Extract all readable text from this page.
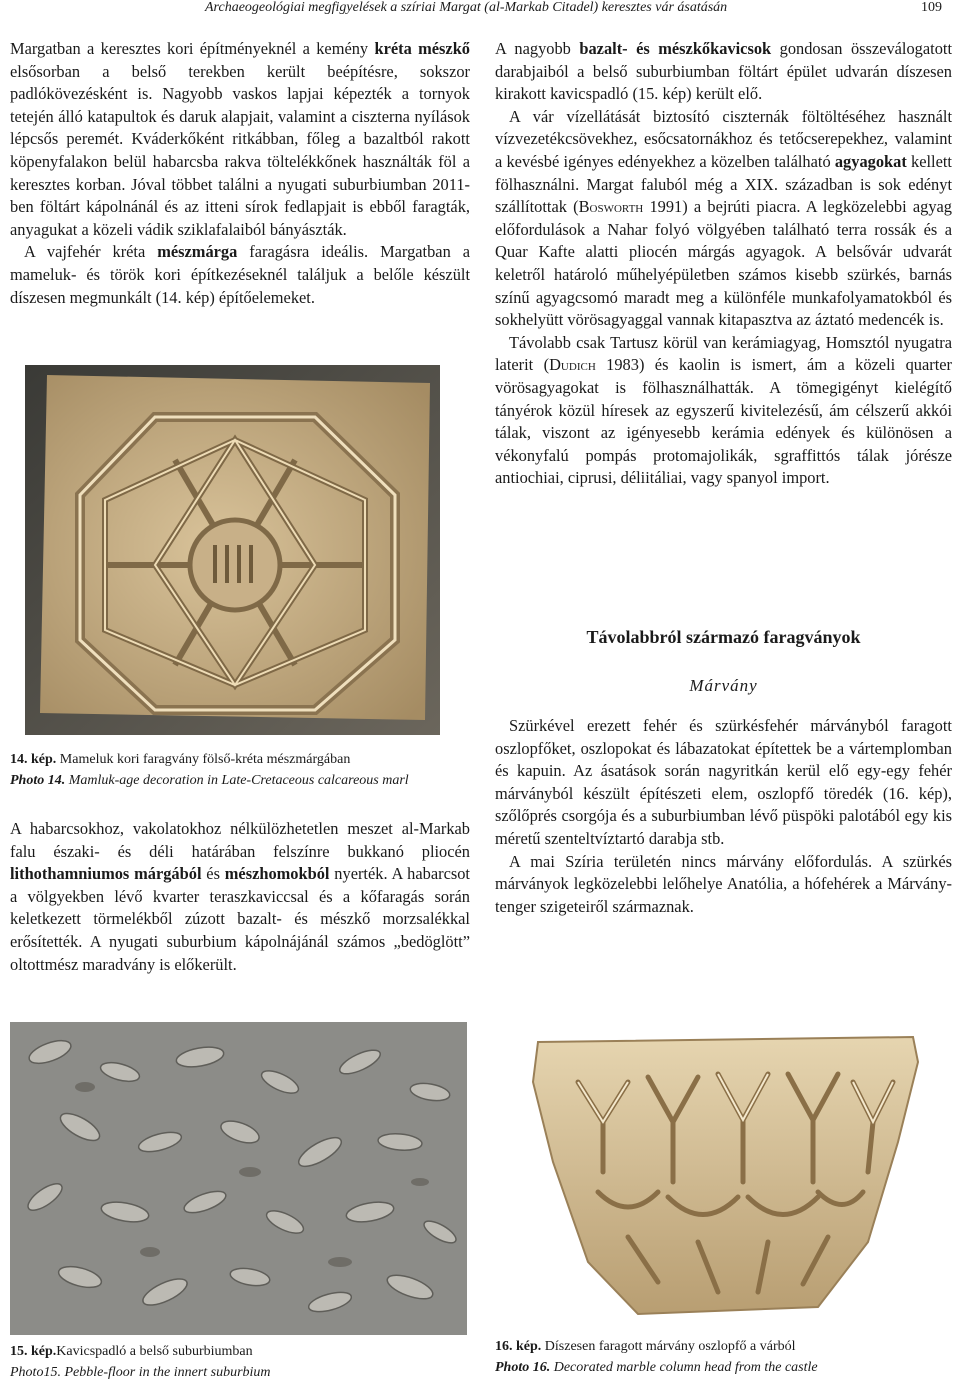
Archaeogeológiai megfigyelések a szíriai Margat (al-Markab Citadel) keresztes vár ásatásán	109

Margatban a keresztes kori építményeknél a kemény kréta mészkő elsősorban a belső terekben került beépítésre, sokszor padlókövezésként is. Nagyobb vaskos lapjai képezték a tornyok tetején álló katapultok és daruk alapjait, valamint a ciszterna nyílások lépcsős peremét. Kváderkőként ritkábban, főleg a bazaltból rakott köpenyfalakon belül habarcsba rakva töltelékkőnek használták föl a keresztes korban. Jóval többet találni a nyugati suburbiumban 2011-ben föltárt kápolnánál és az itteni sírok fedlapjait is ebből faragták, anyagukat a közeli vádik sziklafalaiból bányászták.

A vajfehér kréta mészmárga faragásra ideális. Margatban a mameluk- és török kori építkezéseknél találjuk a belőle készült díszesen megmunkált (14. kép) építőelemeket.

14. kép. Mameluk kori faragvány fölső-kréta mészmárgában
Photo 14. Mamluk-age decoration in Late-Cretaceous calcareous marl

A habarcsokhoz, vakolatokhoz nélkülözhetetlen meszet al-Markab falu északi- és déli határában felszínre bukkanó pliocén lithothamniumos márgából és mészhomokból nyerték. A habarcsot a völgyekben lévő kvarter teraszkaviccsal és a kőfaragás során keletkezett törmelékből zúzott bazalt- és mészkő morzsalékkal erősítették. A nyugati suburbium kápolnájánál számos „bedöglött” oltottmész maradvány is előkerült.

15. kép.Kavicspadló a belső suburbiumban
Photo15. Pebble-floor in the innert suburbium

A nagyobb bazalt- és mészkőkavicsok gondosan összeválogatott darabjaiból a belső suburbiumban föltárt épület udvarán díszesen kirakott kavicspadló (15. kép) került elő.

A vár vízellátását biztosító ciszternák föltöltéséhez használt vízvezetékcsövekhez, esőcsatornákhoz és tetőcserepekhez, valamint a kevésbé igényes edényekhez a közelben található agyagokat kellett fölhasználni. Margat faluból még a XIX. században is sok edényt szállítottak (Bosworth 1991) a bejrúti piacra. A legközelebbi agyag előfordulások a Nahar folyó völgyében található terra rossák és a Quar Kafte alatti pliocén márgás agyagok. A belsővár udvarát keletről határoló műhelyépületben számos kisebb szürkés, barnás színű agyagcsomó maradt meg a különféle munkafolyamatokból és sokhelyütt vörösagyaggal vannak kitapasztva az áztató medencék is.

Távolabb csak Tartusz körül van kerámiagyag, Homsztól nyugatra laterit (Dudich 1983) és kaolin is ismert, ám a közeli quarter vörösagyagokat is fölhasználhatták. A tömegigényt kielégítő tányérok közül híresek az egyszerű kivitelezésű, ám célszerű akkói tálak, viszont az igényesebb kerámia edények és különösen a vékonyfalú pompás protomajolikák, sgraffittós tálak jórésze antiochiai, ciprusi, déliitáliai, vagy spanyol import.

Távolabbról származó faragványok
Márvány

Szürkével erezett fehér és szürkésfehér márványból faragott oszlopfőket, oszlopokat és lábazatokat építettek be a vártemplomban és kapuin. Az ásatások során nagyritkán kerül elő egy-egy fehér márványból készült építészeti elem, oszlopfő töredék (16. kép), szőlőprés csorgója és a suburbiumban lévő püspöki palotából egy kis méretű szenteltvíztartó darabja stb.

A mai Szíria területén nincs márvány előfordulás. A szürkés márványok legközelebbi lelőhelye Anatólia, a hófehérek a Márvány-tenger szigeteiről származnak.

16. kép. Díszesen faragott márvány oszlopfő a várból
Photo 16. Decorated marble column head from the castle
